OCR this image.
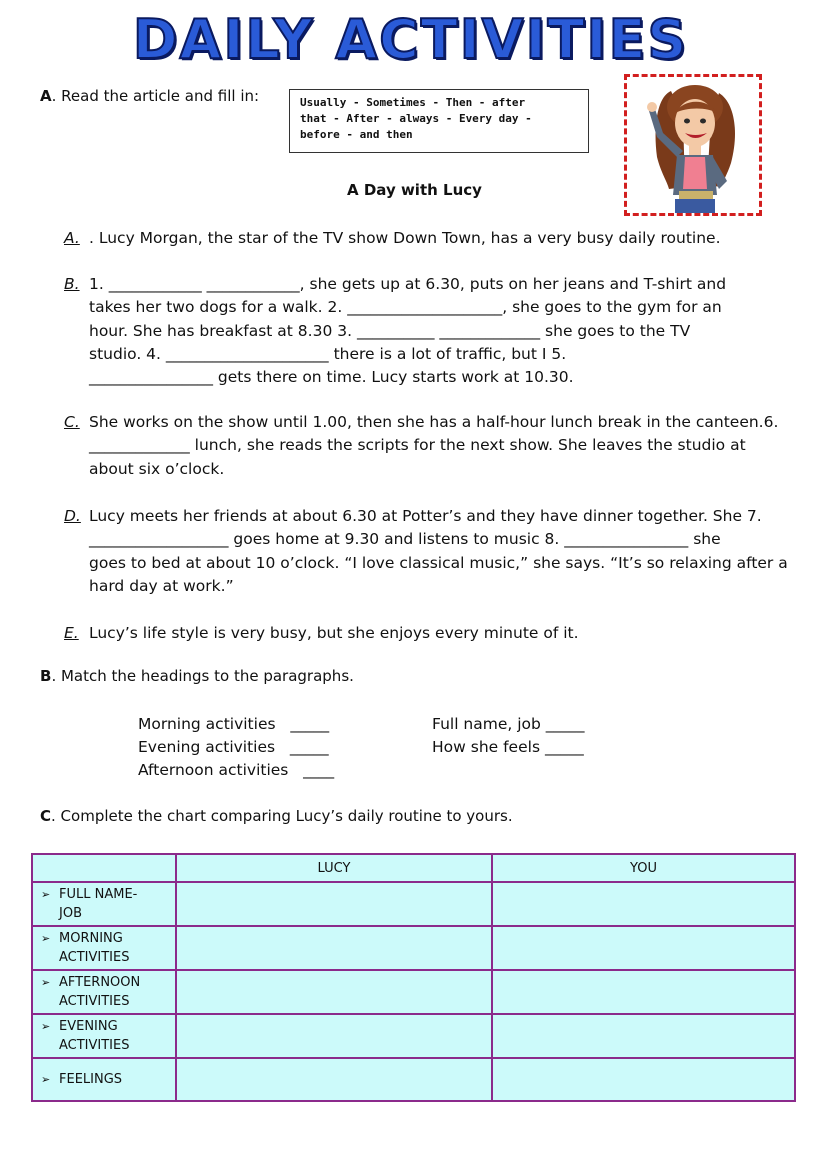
DAILY ACTIVITIES
A. Read the article and fill in:	Usually - Sometimes - Then - after
that - After - always - Every day -
before - and then
A Day with Lucy
A. . Lucy Morgan, the star of the TV show Down Town, has a very busy daily routine.
B. 1. ____________ ____________, she gets up at 6.30, puts on her jeans and T-shirt and
takes her two dogs for a walk. 2. ____________________, she goes to the gym for an
hour. She has breakfast at 8.30 3. __________ _____________ she goes to the TV
studio. 4. _____________________ there is a lot of traffic, but I 5.
________________ gets there on time. Lucy starts work at 10.30.
C. She works on the show until 1.00, then she has a half-hour lunch break in the canteen.6.
_____________ lunch, she reads the scripts for the next show. She leaves the studio at
about six o’clock.
D. Lucy meets her friends at about 6.30 at Potter’s and they have dinner together. She 7.
__________________ goes home at 9.30 and listens to music 8. ________________ she
goes to bed at about 10 o’clock. “I love classical music,” she says. “It’s so relaxing after a
hard day at work.”
E. Lucy’s life style is very busy, but she enjoys every minute of it.
B. Match the headings to the paragraphs.
Morning activities   _____
Evening activities   _____
Afternoon activities   ____
Full name, job _____
How she feels _____
C. Complete the chart comparing Lucy’s daily routine to yours.
	LUCY	YOU
➢ FULL NAME-
JOB		
➢ MORNING
ACTIVITIES		
➢ AFTERNOON
ACTIVITIES		
➢ EVENING
ACTIVITIES		
➢ FEELINGS		
